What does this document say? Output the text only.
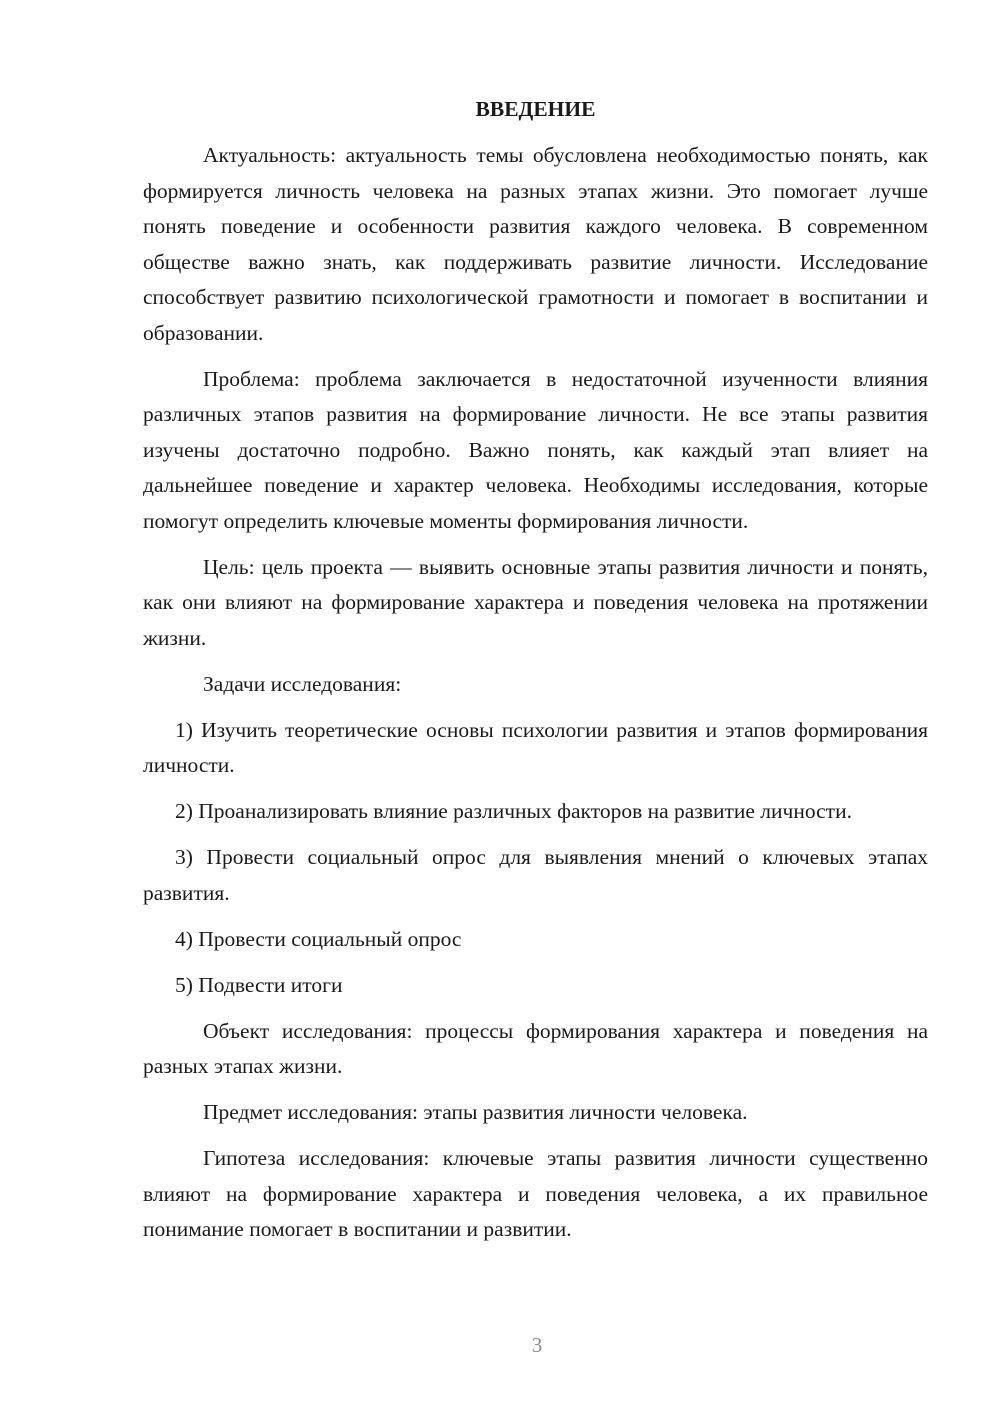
ВВЕДЕНИЕ

Актуальность: актуальность темы обусловлена необходимостью понять, как формируется личность человека на разных этапах жизни. Это помогает лучше понять поведение и особенности развития каждого человека. В современном обществе важно знать, как поддерживать развитие личности. Исследование способствует развитию психологической грамотности и помогает в воспитании и образовании.

Проблема: проблема заключается в недостаточной изученности влияния различных этапов развития на формирование личности. Не все этапы развития изучены достаточно подробно. Важно понять, как каждый этап влияет на дальнейшее поведение и характер человека. Необходимы исследования, которые помогут определить ключевые моменты формирования личности.

Цель: цель проекта — выявить основные этапы развития личности и понять, как они влияют на формирование характера и поведения человека на протяжении жизни.

Задачи исследования:

1) Изучить теоретические основы психологии развития и этапов формирования личности.

2) Проанализировать влияние различных факторов на развитие личности.

3) Провести социальный опрос для выявления мнений о ключевых этапах развития.

4) Провести социальный опрос

5) Подвести итоги

Объект исследования: процессы формирования характера и поведения на разных этапах жизни.

Предмет исследования: этапы развития личности человека.

Гипотеза исследования: ключевые этапы развития личности существенно влияют на формирование характера и поведения человека, а их правильное понимание помогает в воспитании и развитии.

3
